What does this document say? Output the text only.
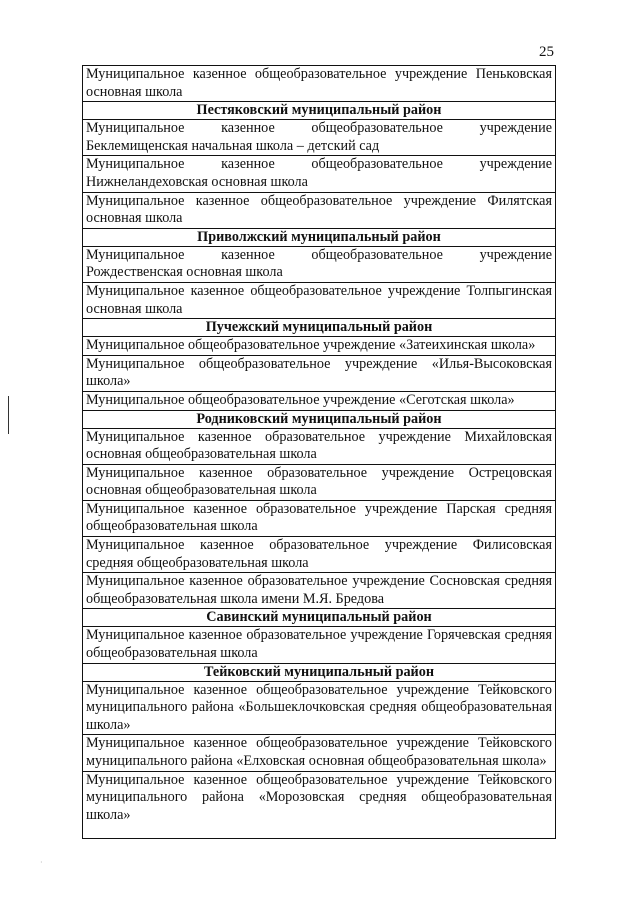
25
Муниципальное казенное общеобразовательное учреждение Пеньковская основная школа
Пестяковский муниципальный район
Муниципальное казенное общеобразовательное учреждение Беклемищенская начальная школа – детский сад
Муниципальное казенное общеобразовательное учреждение Нижнеландеховская основная школа
Муниципальное казенное общеобразовательное учреждение Филятская основная школа
Приволжский муниципальный район
Муниципальное казенное общеобразовательное учреждение Рождественская основная школа
Муниципальное казенное общеобразовательное учреждение Толпыгинская основная школа
Пучежский муниципальный район
Муниципальное общеобразовательное учреждение «Затеихинская школа»
Муниципальное общеобразовательное учреждение «Илья-Высоковская школа»
Муниципальное общеобразовательное учреждение «Сеготская школа»
Родниковский муниципальный район
Муниципальное казенное образовательное учреждение Михайловская основная общеобразовательная школа
Муниципальное казенное образовательное учреждение Острецовская основная общеобразовательная школа
Муниципальное казенное образовательное учреждение Парская средняя общеобразовательная школа
Муниципальное казенное образовательное учреждение Филисовская средняя общеобразовательная школа
Муниципальное казенное образовательное учреждение Сосновская средняя общеобразовательная школа имени М.Я. Бредова
Савинский муниципальный район
Муниципальное казенное образовательное учреждение Горячевская средняя общеобразовательная школа
Тейковский муниципальный район
Муниципальное казенное общеобразовательное учреждение Тейковского муниципального района «Большеклочковская средняя общеобразовательная школа»
Муниципальное казенное общеобразовательное учреждение Тейковского муниципального района «Елховская основная общеобразовательная школа»
Муниципальное казенное общеобразовательное учреждение Тейковского муниципального района «Морозовская средняя общеобразовательная школа»
·
